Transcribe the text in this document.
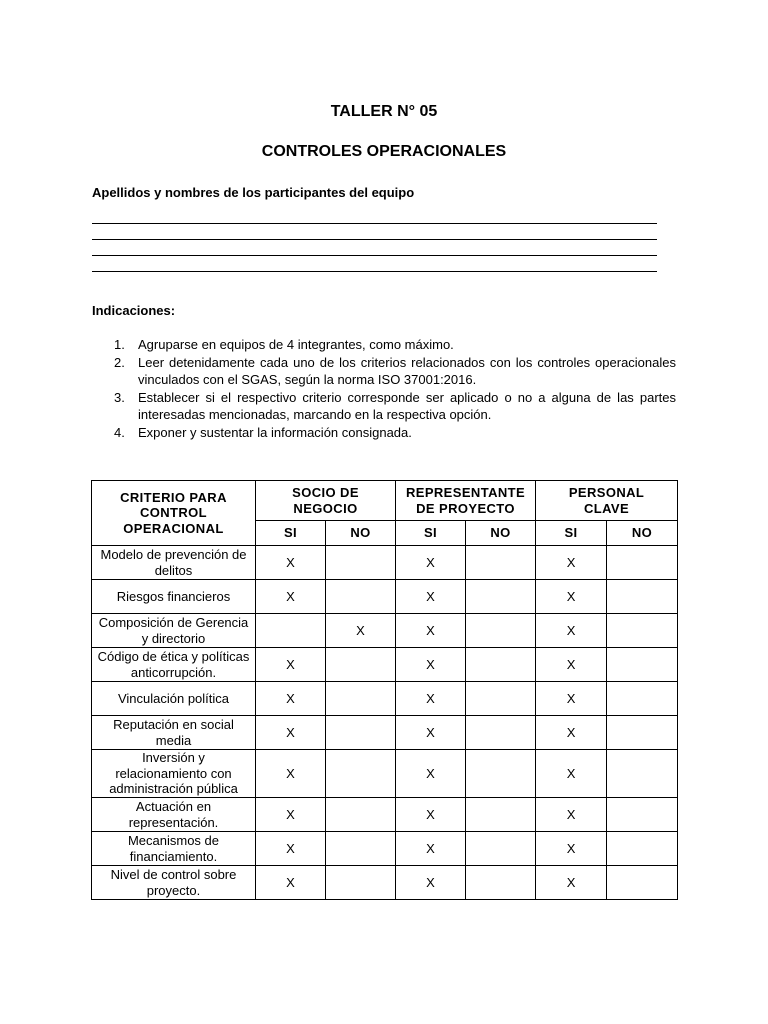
TALLER N° 05
CONTROLES OPERACIONALES
Apellidos y nombres de los participantes del equipo
Indicaciones:
1. Agruparse en equipos de 4 integrantes, como máximo.
2. Leer detenidamente cada uno de los criterios relacionados con los controles operacionales vinculados con el SGAS, según la norma ISO 37001:2016.
3. Establecer si el respectivo criterio corresponde ser aplicado o no a alguna de las partes interesadas mencionadas, marcando en la respectiva opción.
4. Exponer y sustentar la información consignada.
CRITERIO PARA CONTROL OPERACIONAL	SOCIO DE NEGOCIO		REPRESENTANTE DE PROYECTO		PERSONAL CLAVE	
	SI	NO	SI	NO	SI	NO
Modelo de prevención de delitos	X		X		X	
Riesgos financieros	X		X		X	
Composición de Gerencia y directorio		X	X		X	
Código de ética y políticas anticorrupción.	X		X		X	
Vinculación política	X		X		X	
Reputación en social media	X		X		X	
Inversión y relacionamiento con administración pública	X		X		X	
Actuación en representación.	X		X		X	
Mecanismos de financiamiento.	X		X		X	
Nivel de control sobre proyecto.	X		X		X	
